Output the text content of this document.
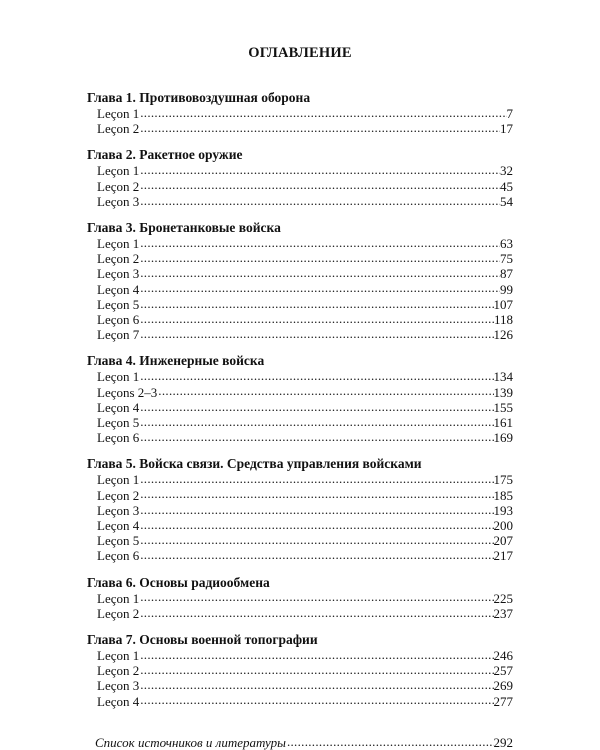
ОГЛАВЛЕНИЕ
Глава 1. Противовоздушная оборона
Leçon 1 .....	7
Leçon 2 .....	17
Глава 2. Ракетное оружие
Leçon 1 .....	32
Leçon 2 .....	45
Leçon 3 .....	54
Глава 3. Бронетанковые войска
Leçon 1 .....	63
Leçon 2 .....	75
Leçon 3 .....	87
Leçon 4 .....	99
Leçon 5 .....	107
Leçon 6 .....	118
Leçon 7 .....	126
Глава 4. Инженерные войска
Leçon 1 .....	134
Leçons 2–3 .....	139
Leçon 4 .....	155
Leçon 5 .....	161
Leçon 6 .....	169
Глава 5. Войска связи. Средства управления войсками
Leçon 1 .....	175
Leçon 2 .....	185
Leçon 3 .....	193
Leçon 4 .....	200
Leçon 5 .....	207
Leçon 6 .....	217
Глава 6. Основы радиообмена
Leçon 1 .....	225
Leçon 2 .....	237
Глава 7. Основы военной топографии
Leçon 1 .....	246
Leçon 2 .....	257
Leçon 3 .....	269
Leçon 4 .....	277
Список источников и литературы .....	292
